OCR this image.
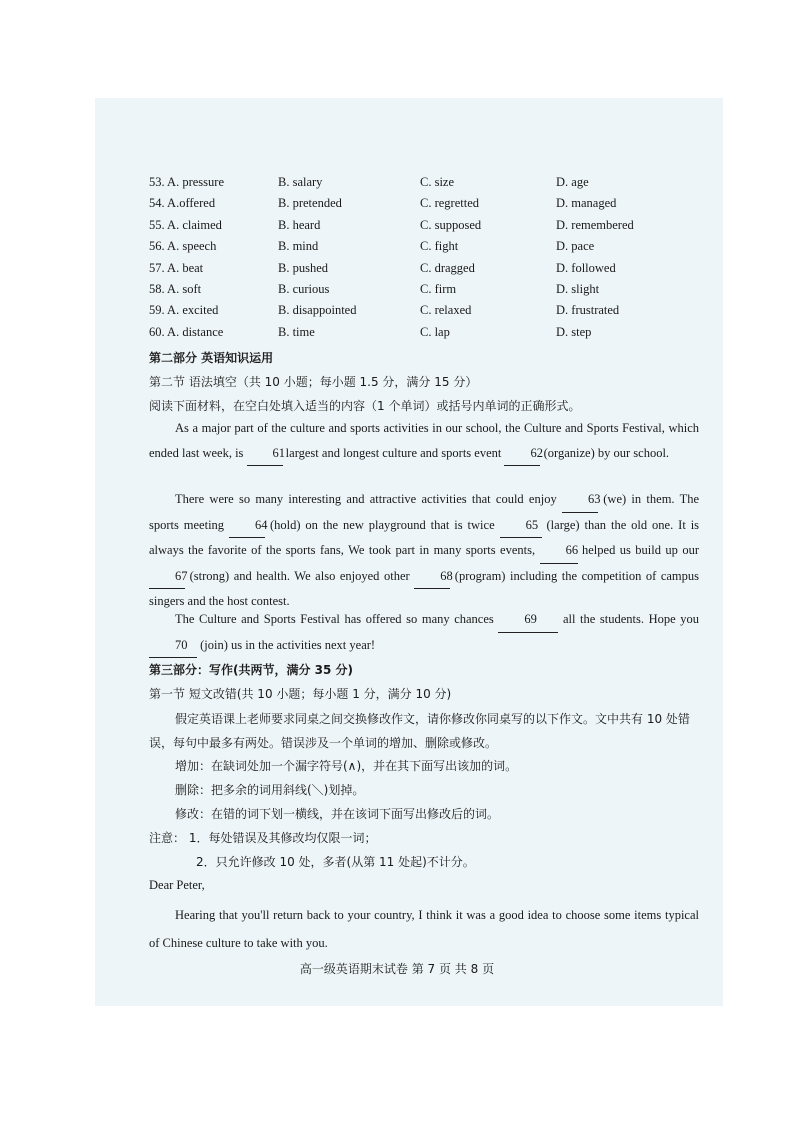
53. A. pressure	B. salary	C. size	D. age
54. A.offered	B. pretended	C. regretted	D. managed
55. A. claimed	B. heard	C. supposed	D. remembered
56. A. speech	B. mind	C. fight	D. pace
57. A. beat	B. pushed	C. dragged	D. followed
58. A. soft	B. curious	C. firm	D. slight
59. A. excited	B. disappointed	C. relaxed	D. frustrated
60. A. distance	B. time	C. lap	D. step
第二部分 英语知识运用
第二节 语法填空（共 10 小题；每小题 1.5 分，满分 15 分）
阅读下面材料，在空白处填入适当的内容（1 个单词）或括号内单词的正确形式。
As a major part of the culture and sports activities in our school, the Culture and Sports Festival, which ended last week, is 61 largest and longest culture and sports event 62 (organize) by our school.
There were so many interesting and attractive activities that could enjoy	63 (we) in them. The sports meeting 64 (hold) on the new playground that is twice 65 (large) than the old one. It is always the favorite of the sports fans, We took part in many sports events, 66 helped us build up our 67 (strong) and health. We also enjoyed other 68 (program) including the competition of campus singers and the host contest.
The Culture and Sports Festival has offered so many chances 69 all the students. Hope you 70 (join) us in the activities next year!
第三部分：写作(共两节，满分 35 分)
第一节 短文改错(共 10 小题；每小题 1 分，满分 10 分)
假定英语课上老师要求同桌之间交换修改作文，请你修改你同桌写的以下作文。文中共有 10 处错误，每句中最多有两处。错误涉及一个单词的增加、删除或修改。
增加：在缺词处加一个漏字符号(∧)，并在其下面写出该加的词。
删除：把多余的词用斜线(＼)划掉。
修改：在错的词下划一横线，并在该词下面写出修改后的词。
注意： 1．每处错误及其修改均仅限一词；
2．只允许修改 10 处，多者(从第 11 处起)不计分。
Dear Peter,
Hearing that you'll return back to your country, I think it was a good idea to choose some items typical of Chinese culture to take with you.
高一级英语期末试卷 第 7 页 共 8 页
